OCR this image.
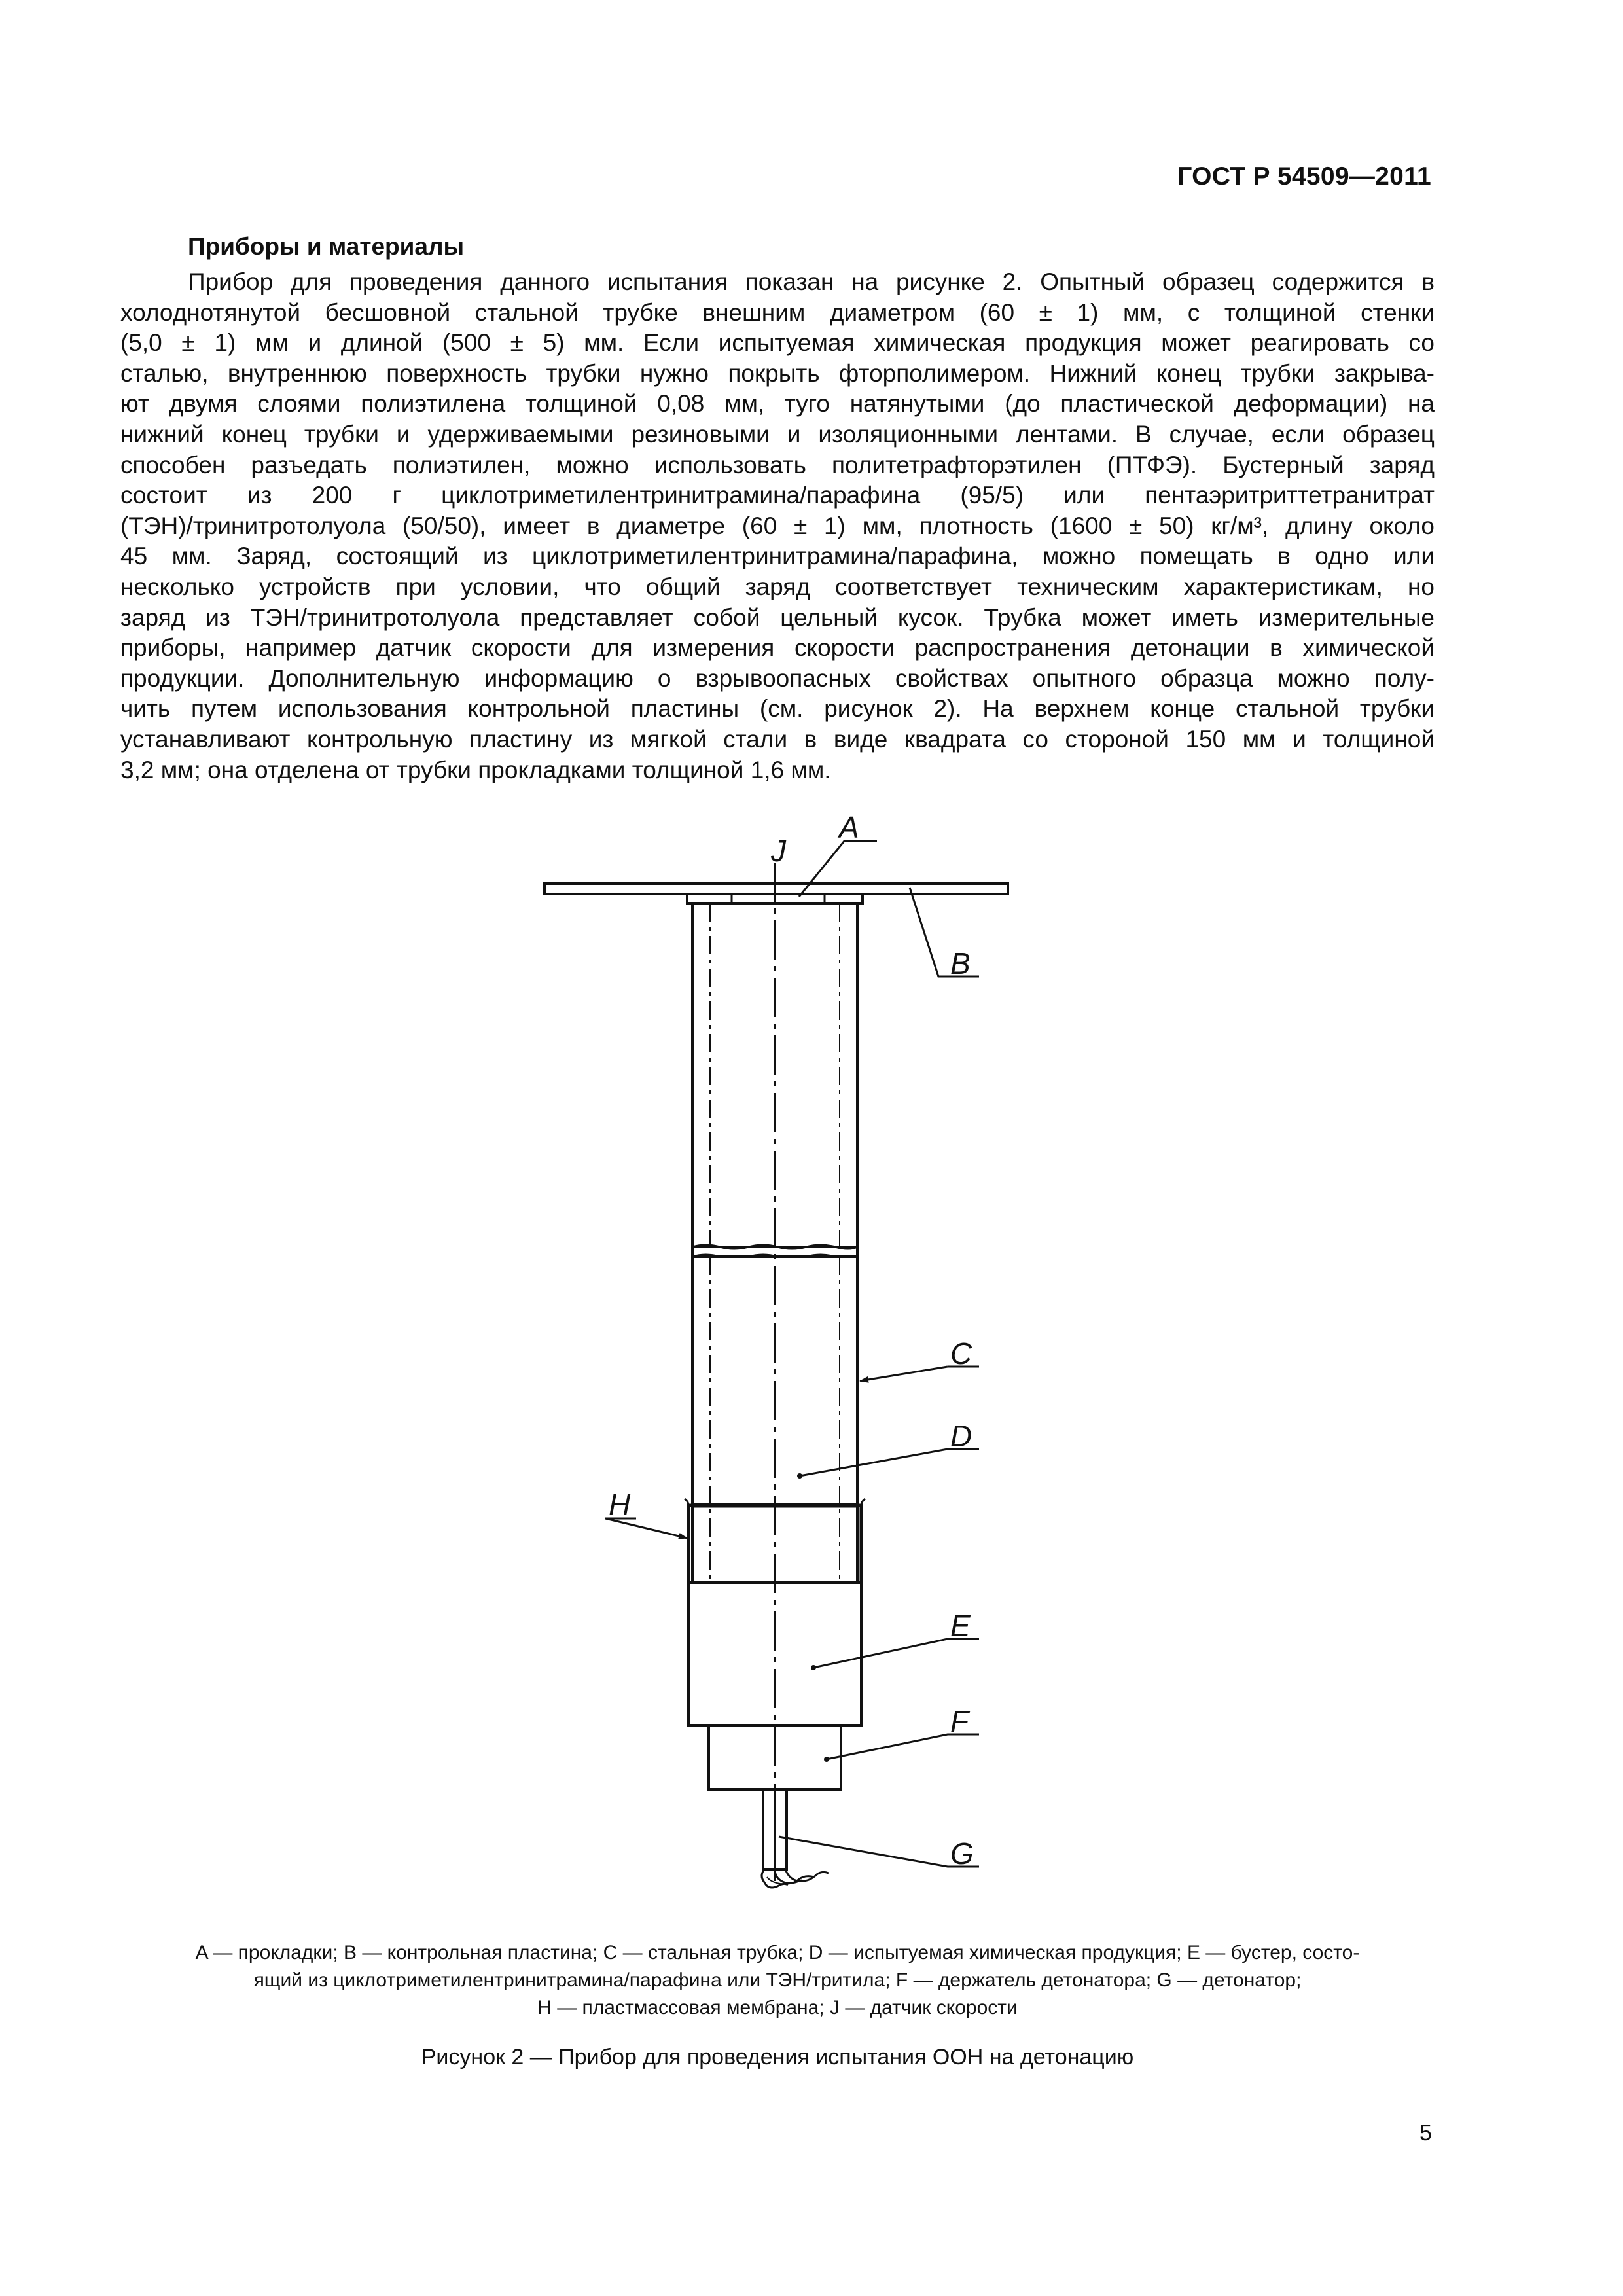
ГОСТ Р 54509—2011
Приборы и материалы
Прибор для проведения данного испытания показан на рисунке 2. Опытный образец содержится в
холоднотянутой бесшовной стальной трубке внешним диаметром (60 ± 1) мм, с толщиной стенки
(5,0 ± 1) мм и длиной (500 ± 5) мм. Если испытуемая химическая продукция может реагировать со
сталью, внутреннюю поверхность трубки нужно покрыть фторполимером. Нижний конец трубки закрыва-
ют двумя слоями полиэтилена толщиной 0,08 мм, туго натянутыми (до пластической деформации) на
нижний конец трубки и удерживаемыми резиновыми и изоляционными лентами. В случае, если образец
способен разъедать полиэтилен, можно использовать политетрафторэтилен (ПТФЭ). Бустерный заряд
состоит из 200 г циклотриметилентринитрамина/парафина (95/5) или пентаэритриттетранитрат
(ТЭН)/тринитротолуола (50/50), имеет в диаметре (60 ± 1) мм, плотность (1600 ± 50) кг/м³, длину около
45 мм. Заряд, состоящий из циклотриметилентринитрамина/парафина, можно помещать в одно или
несколько устройств при условии, что общий заряд соответствует техническим характеристикам, но
заряд из ТЭН/тринитротолуола представляет собой цельный кусок. Трубка может иметь измерительные
приборы, например датчик скорости для измерения скорости распространения детонации в химической
продукции. Дополнительную информацию о взрывоопасных свойствах опытного образца можно полу-
чить путем использования контрольной пластины (см. рисунок 2). На верхнем конце стальной трубки
устанавливают контрольную пластину из мягкой стали в виде квадрата со стороной 150 мм и толщиной
3,2 мм; она отделена от трубки прокладками толщиной 1,6 мм.
A
J
B
C
D
E
F
G
H
A — прокладки; B — контрольная пластина; C — стальная трубка; D — испытуемая химическая продукция; E — бустер, состо-
ящий из циклотриметилентринитрамина/парафина или ТЭН/тритила; F — держатель детонатора; G — детонатор;
H — пластмассовая мембрана; J — датчик скорости
Рисунок 2 — Прибор для проведения испытания ООН на детонацию
5
